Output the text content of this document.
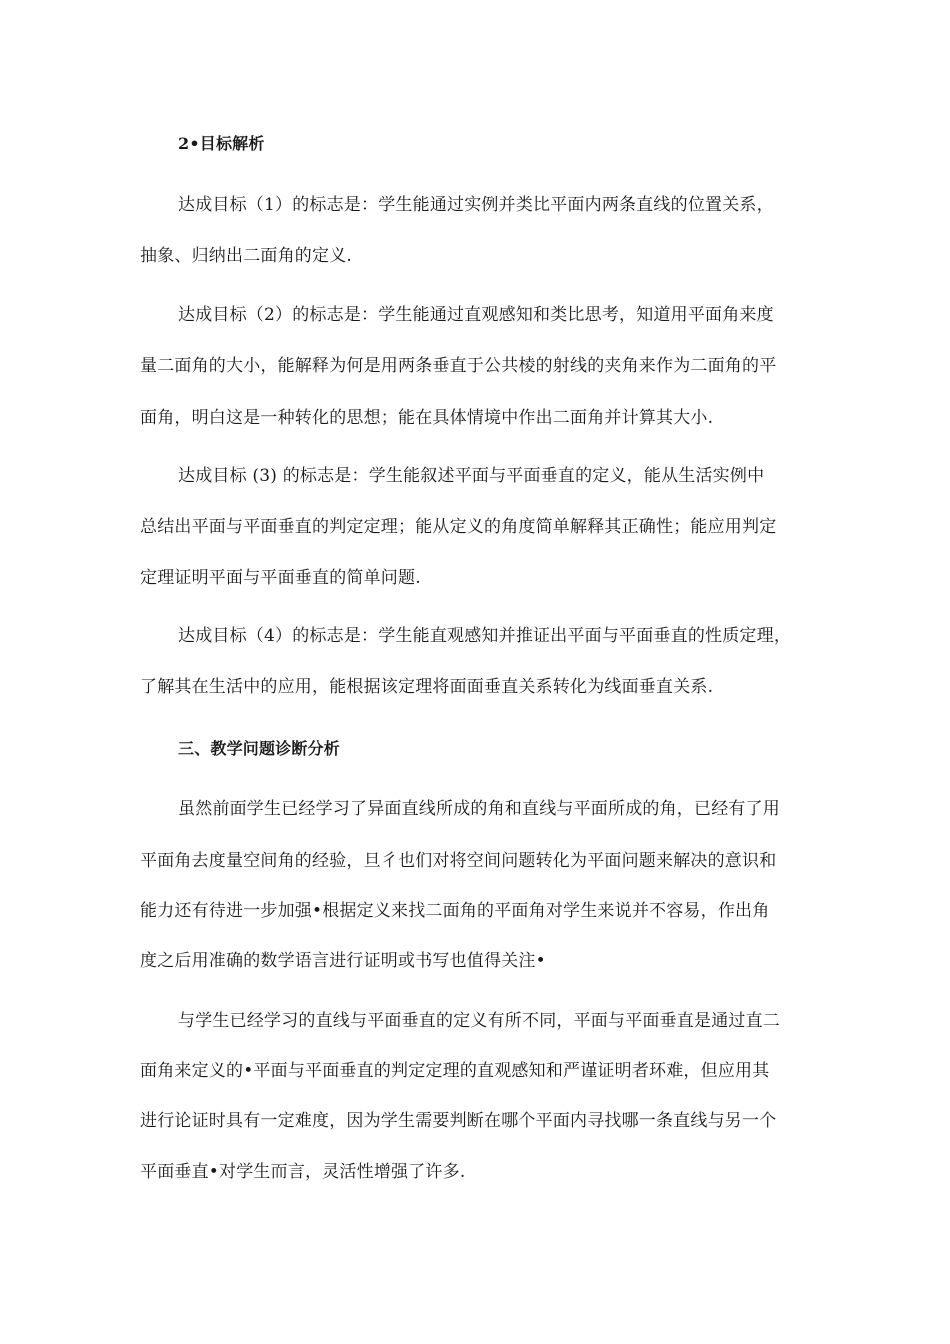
2•目标解析
达成目标（1）的标志是：学生能通过实例并类比平面内两条直线的位置关系，
抽象、归纳出二面角的定义.
达成目标（2）的标志是：学生能通过直观感知和类比思考，知道用平面角来度
量二面角的大小，能解释为何是用两条垂直于公共棱的射线的夹角来作为二面角的平
面角，明白这是一种转化的思想；能在具体情境中作出二面角并计算其大小.
达成目标 (3) 的标志是：学生能叙述平面与平面垂直的定义，能从生活实例中
总结出平面与平面垂直的判定定理；能从定义的角度简单解释其正确性；能应用判定
定理证明平面与平面垂直的简单问题.
达成目标（4）的标志是：学生能直观感知并推证出平面与平面垂直的性质定理，
了解其在生活中的应用，能根据该定理将面面垂直关系转化为线面垂直关系.
三、教学问题诊断分析
虽然前面学生已经学习了异面直线所成的角和直线与平面所成的角，已经有了用
平面角去度量空间角的经验，旦彳也们对将空间问题转化为平面问题来解决的意识和
能力还有待进一步加强•根据定义来找二面角的平面角对学生来说并不容易，作出角
度之后用准确的数学语言进行证明或书写也值得关注•
与学生已经学习的直线与平面垂直的定义有所不同，平面与平面垂直是通过直二
面角来定义的•平面与平面垂直的判定定理的直观感知和严谨证明者环难，但应用其
进行论证时具有一定难度，因为学生需要判断在哪个平面内寻找哪一条直线与另一个
平面垂直•对学生而言，灵活性增强了许多.
